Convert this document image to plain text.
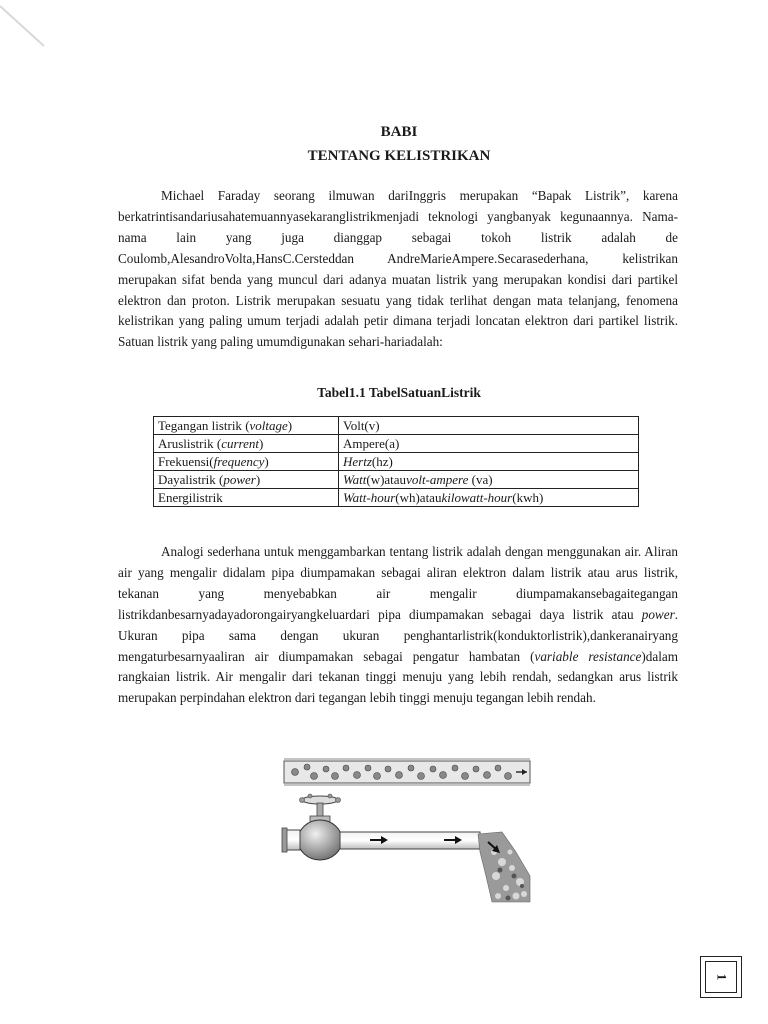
BABI
TENTANG KELISTRIKAN

Michael Faraday seorang ilmuwan dariInggris merupakan “Bapak Listrik”, karena berkatrintisandariusahatemuannyasekaranglistrikmenjadi teknologi yangbanyak kegunaannya. Nama-nama lain yang juga dianggap sebagai tokoh listrik adalah de Coulomb,AlesandroVolta,HansC.Cersteddan AndreMarieAmpere.Secarasederhana, kelistrikan merupakan sifat benda yang muncul dari adanya muatan listrik yang merupakan kondisi dari partikel elektron dan proton. Listrik merupakan sesuatu yang tidak terlihat dengan mata telanjang, fenomena kelistrikan yang paling umum terjadi adalah petir dimana terjadi loncatan elektron dari partikel listrik. Satuan listrik yang paling umumdigunakan sehari-hariadalah:

Tabel1.1 TabelSatuanListrik
Tegangan listrik (voltage)	Volt(v)
Aruslistrik (current)	Ampere(a)
Frekuensi(frequency)	Hertz(hz)
Dayalistrik (power)	Watt(w)atauvolt-ampere (va)
Energilistrik	Watt-hour(wh)ataukilowatt-hour(kwh)

Analogi sederhana untuk menggambarkan tentang listrik adalah dengan menggunakan air. Aliran air yang mengalir didalam pipa diumpamakan sebagai aliran elektron dalam listrik atau arus listrik, tekanan yang menyebabkan air mengalir diumpamakansebagaitegangan listrikdanbesarnyadayadorongairyangkeluardari pipa diumpamakan sebagai daya listrik atau power. Ukuran pipa sama dengan ukuran penghantarlistrik(konduktorlistrik),dankeranairyang mengaturbesarnyaaliran air diumpamakan sebagai pengatur hambatan (variable resistance)dalam rangkaian listrik. Air mengalir dari tekanan tinggi menuju yang lebih rendah, sedangkan arus listrik merupakan perpindahan elektron dari tegangan lebih tinggi menuju tegangan lebih rendah.

1
